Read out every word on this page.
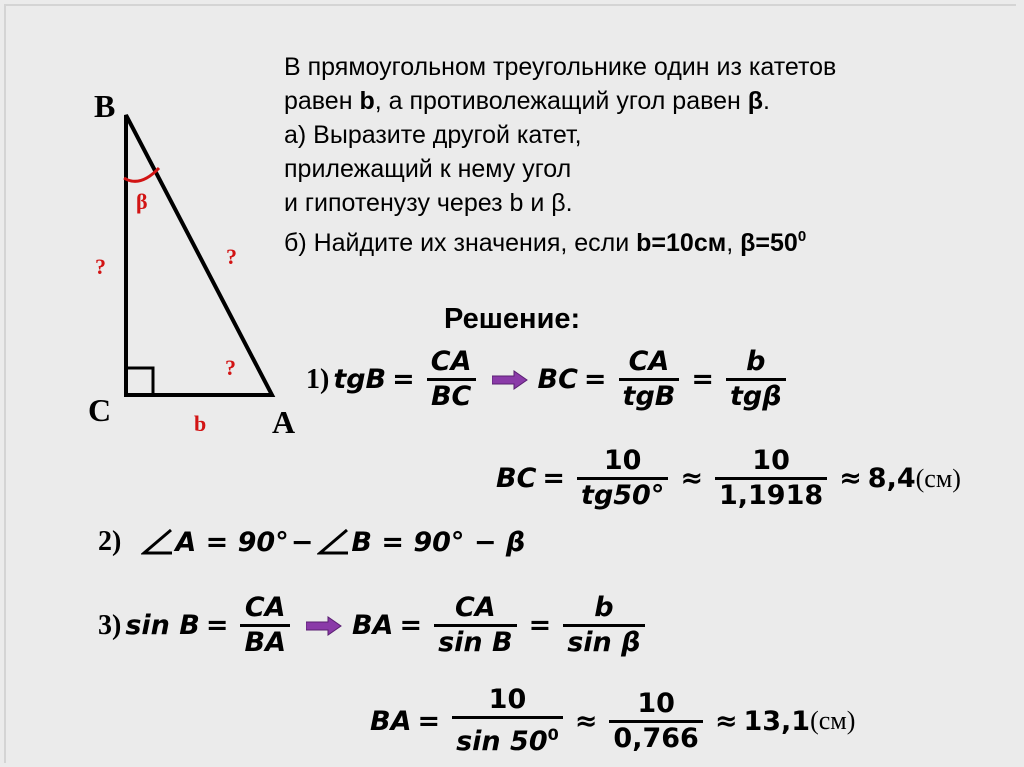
В прямоугольном треугольнике один из катетов
равен b, а противолежащий угол равен β.
а) Выразите другой катет,
прилежащий к нему угол
и гипотенузу через b и β.
б) Найдите их значения, если b=10см, $\beta=50^0$
B
C	A
β
?	?
?
b
Решение:
1) tgB = $\frac{CA}{BC}$ BC = $\frac{CA}{\text{tgB}} = \frac{b}{\text{tgβ}}$
BC = $\frac{10}{tg50^\circ} \approx \frac{10}{1,1918} \approx 8,4$ (см)
2) A = 90° − B = 90° − β
3) $\sin B = \frac{CA}{BA}$ BA = $\frac{CA}{\text{sin B}} = \frac{b}{\text{sin β}}$
BA = $\frac{10}{\sin 50^0} \approx \frac{10}{0,766} \approx 13,1$ (см)
